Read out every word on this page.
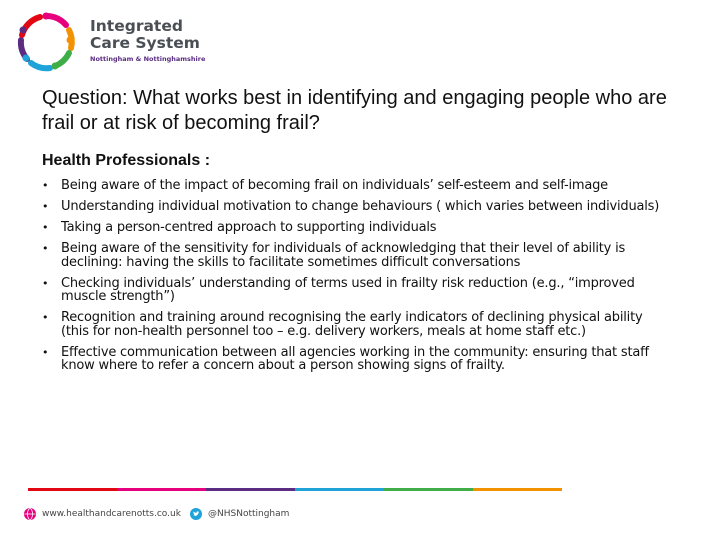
Integrated
Care System
Nottingham & Nottinghamshire
Question: What works best in identifying and engaging people who are frail or at risk of becoming frail?
Health Professionals :
• Being aware of the impact of becoming frail on individuals’ self-esteem and self-image
• Understanding individual motivation to change behaviours ( which varies between individuals)
• Taking a person-centred approach to supporting individuals
• Being aware of the sensitivity for individuals of acknowledging that their level of ability is declining: having the skills to facilitate sometimes difficult conversations
• Checking individuals’ understanding of terms used in frailty risk reduction (e.g., “improved muscle strength”)
• Recognition and training around recognising the early indicators of declining physical ability (this for non-health personnel too – e.g. delivery workers, meals at home staff etc.)
• Effective communication between all agencies working in the community: ensuring that staff know where to refer a concern about a person showing signs of frailty.
www.healthandcarenotts.co.uk	@NHSNottingham
